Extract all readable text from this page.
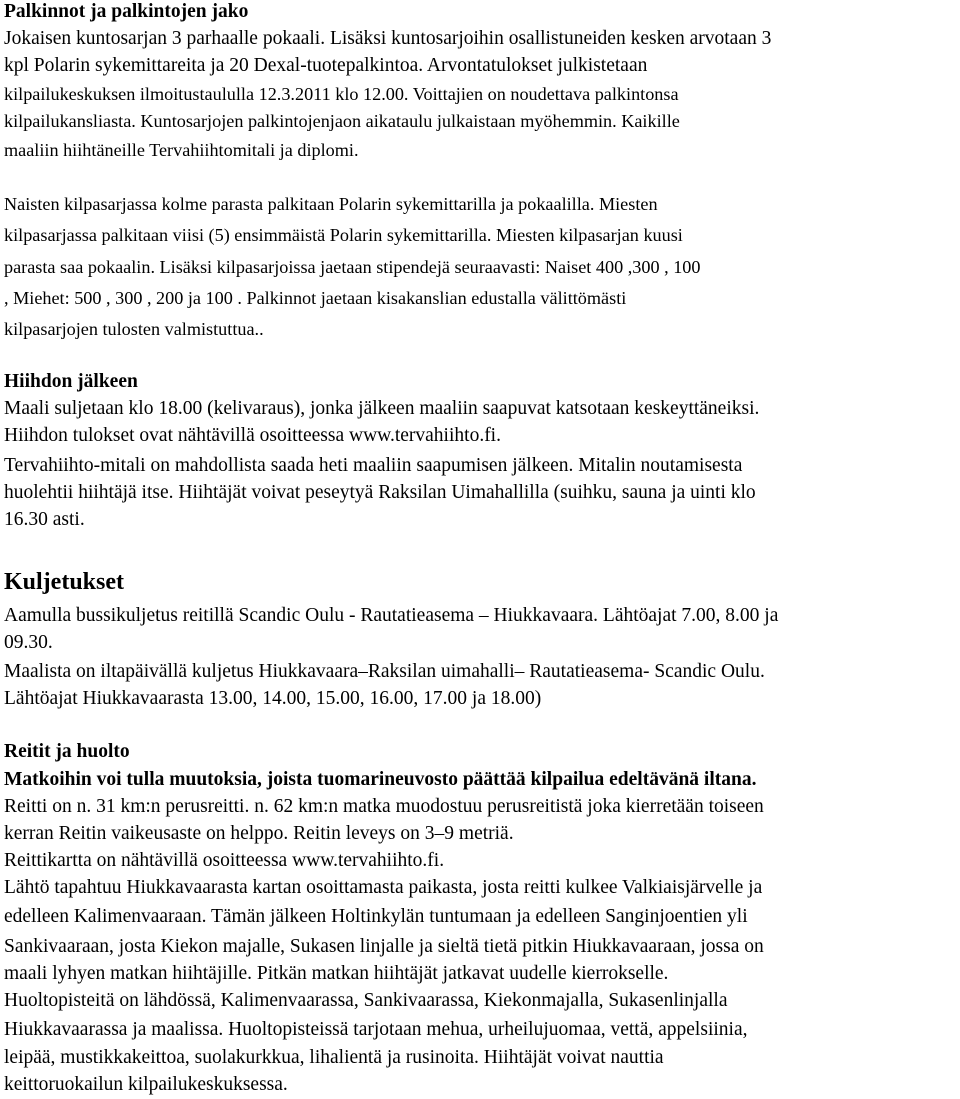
Palkinnot ja palkintojen jako
Jokaisen kuntosarjan 3 parhaalle pokaali. Lisäksi kuntosarjoihin osallistuneiden kesken arvotaan 3
kpl Polarin sykemittareita ja 20 Dexal-tuotepalkintoa. Arvontatulokset julkistetaan
kilpailukeskuksen ilmoitustaululla 12.3.2011 klo 12.00. Voittajien on noudettava palkintonsa
kilpailukansliasta. Kuntosarjojen palkintojenjaon aikataulu julkaistaan myöhemmin. Kaikille
maaliin hiihtäneille Tervahiihtomitali ja diplomi.
Naisten kilpasarjassa kolme parasta palkitaan Polarin sykemittarilla ja pokaalilla. Miesten
kilpasarjassa palkitaan viisi (5) ensimmäistä Polarin sykemittarilla. Miesten kilpasarjan kuusi
parasta saa pokaalin. Lisäksi kilpasarjoissa jaetaan stipendejä seuraavasti: Naiset 400 ,300 , 100
, Miehet: 500 , 300 , 200 ja 100 . Palkinnot jaetaan kisakanslian edustalla välittömästi
kilpasarjojen tulosten valmistuttua..
Hiihdon jälkeen
Maali suljetaan klo 18.00 (kelivaraus), jonka jälkeen maaliin saapuvat katsotaan keskeyttäneiksi.
Hiihdon tulokset ovat nähtävillä osoitteessa www.tervahiihto.fi.
Tervahiihto-mitali on mahdollista saada heti maaliin saapumisen jälkeen. Mitalin noutamisesta
huolehtii hiihtäjä itse. Hiihtäjät voivat peseytyä Raksilan Uimahallilla (suihku, sauna ja uinti klo
16.30 asti.
Kuljetukset
Aamulla bussikuljetus reitillä Scandic Oulu - Rautatieasema – Hiukkavaara. Lähtöajat 7.00, 8.00 ja
09.30.
Maalista on iltapäivällä kuljetus Hiukkavaara–Raksilan uimahalli– Rautatieasema- Scandic Oulu.
Lähtöajat Hiukkavaarasta 13.00, 14.00, 15.00, 16.00, 17.00 ja 18.00)
Reitit ja huolto
Matkoihin voi tulla muutoksia, joista tuomarineuvosto päättää kilpailua edeltävänä iltana.
Reitti on n. 31 km:n perusreitti. n. 62 km:n matka muodostuu perusreitistä joka kierretään toiseen
kerran Reitin vaikeusaste on helppo. Reitin leveys on 3–9 metriä.
Reittikartta on nähtävillä osoitteessa www.tervahiihto.fi.
Lähtö tapahtuu Hiukkavaarasta kartan osoittamasta paikasta, josta reitti kulkee Valkiaisjärvelle ja
edelleen Kalimenvaaraan. Tämän jälkeen Holtinkylän tuntumaan ja edelleen Sanginjoentien yli
Sankivaaraan, josta Kiekon majalle, Sukasen linjalle ja sieltä tietä pitkin Hiukkavaaraan, jossa on
maali lyhyen matkan hiihtäjille. Pitkän matkan hiihtäjät jatkavat uudelle kierrokselle.
Huoltopisteitä on lähdössä, Kalimenvaarassa, Sankivaarassa, Kiekonmajalla, Sukasenlinjalla
Hiukkavaarassa ja maalissa. Huoltopisteissä tarjotaan mehua, urheilujuomaa, vettä, appelsiinia,
leipää, mustikkakeittoa, suolakurkkua, lihalientä ja rusinoita. Hiihtäjät voivat nauttia
keittoruokailun kilpailukeskuksessa.
